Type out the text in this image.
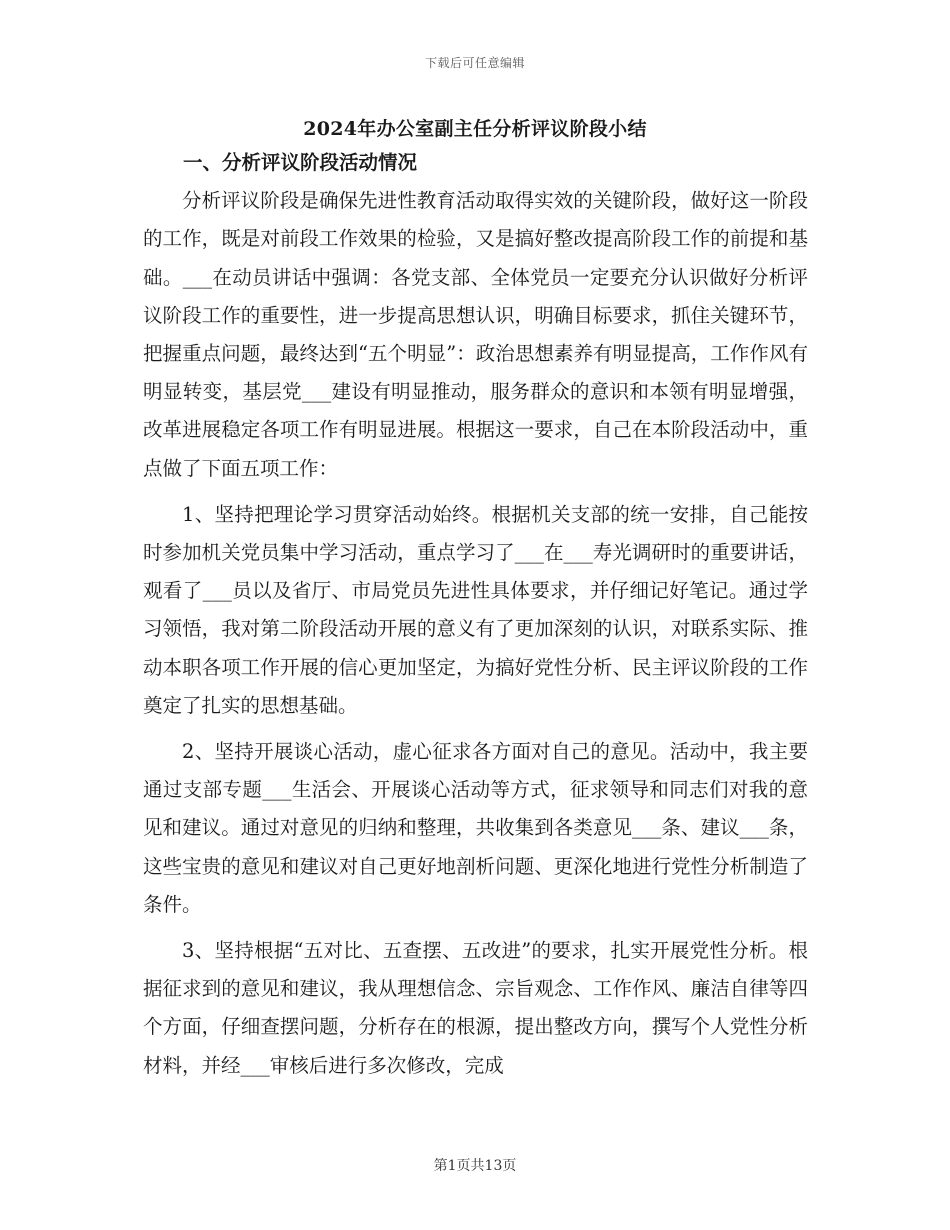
下载后可任意编辑
2024年办公室副主任分析评议阶段小结

一、分析评议阶段活动情况

分析评议阶段是确保先进性教育活动取得实效的关键阶段，做好这一阶段的工作，既是对前段工作效果的检验，又是搞好整改提高阶段工作的前提和基础。___在动员讲话中强调：各党支部、全体党员一定要充分认识做好分析评议阶段工作的重要性，进一步提高思想认识，明确目标要求，抓住关键环节，把握重点问题，最终达到“五个明显”：政治思想素养有明显提高，工作作风有明显转变，基层党___建设有明显推动，服务群众的意识和本领有明显增强，改革进展稳定各项工作有明显进展。根据这一要求，自己在本阶段活动中，重点做了下面五项工作：

1、坚持把理论学习贯穿活动始终。根据机关支部的统一安排，自己能按时参加机关党员集中学习活动，重点学习了___在___寿光调研时的重要讲话，观看了___员以及省厅、市局党员先进性具体要求，并仔细记好笔记。通过学习领悟，我对第二阶段活动开展的意义有了更加深刻的认识，对联系实际、推动本职各项工作开展的信心更加坚定，为搞好党性分析、民主评议阶段的工作奠定了扎实的思想基础。

2、坚持开展谈心活动，虚心征求各方面对自己的意见。活动中，我主要通过支部专题___生活会、开展谈心活动等方式，征求领导和同志们对我的意见和建议。通过对意见的归纳和整理，共收集到各类意见___条、建议___条，这些宝贵的意见和建议对自己更好地剖析问题、更深化地进行党性分析制造了条件。

3、坚持根据“五对比、五查摆、五改进”的要求，扎实开展党性分析。根据征求到的意见和建议，我从理想信念、宗旨观念、工作作风、廉洁自律等四个方面，仔细查摆问题，分析存在的根源，提出整改方向，撰写个人党性分析材料，并经___审核后进行多次修改，完成

第1页共13页
